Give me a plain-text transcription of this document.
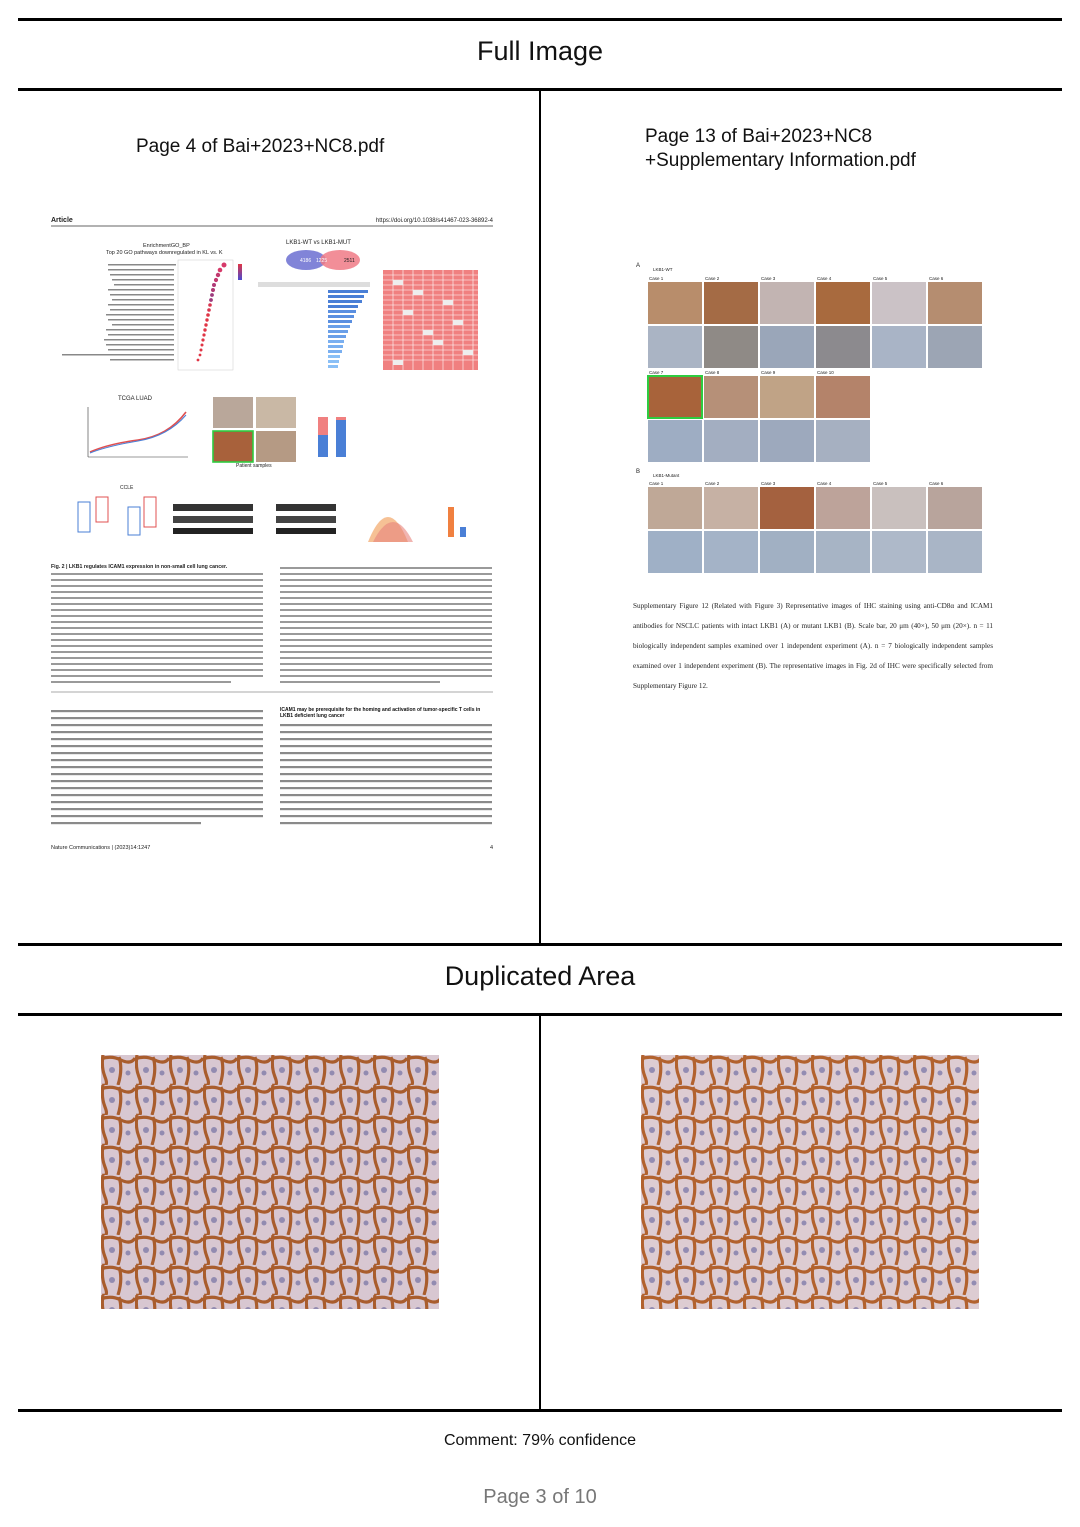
Full Image
Page 4 of Bai+2023+NC8.pdf
Article	https://doi.org/10.1038/s41467-023-36892-4
EnrichmentGO_BP
Top 20 GO pathways downregulated in KL vs. K
LKB1-WT vs LKB1-MUT
4186 1225	2511
TCGA LUAD
Patient samples
CCLE
Fig. 2 | LKB1 regulates ICAM1 expression in non-small cell lung cancer.
ICAM1 may be prerequisite for the homing and activation of tumor-specific T cells in LKB1 deficient lung cancer
Nature Communications | (2023)14:1247	4
Page 13 of Bai+2023+NC8
+Supplementary Information.pdf
A
LKB1-WT
Case 1	Case 2	Case 3	Case 4	Case 5	Case 6
Case 7	Case 8	Case 9	Case 10
B
LKB1-Mutant
Case 1	Case 2	Case 3	Case 4	Case 5	Case 6
Supplementary Figure 12 (Related with Figure 3) Representative images of IHC staining using anti-CD8α and ICAM1 antibodies for NSCLC patients with intact LKB1 (A) or mutant LKB1 (B). Scale bar, 20 μm (40×), 50 μm (20×). n = 11 biologically independent samples examined over 1 independent experiment (A). n = 7 biologically independent samples examined over 1 independent experiment (B). The representative images in Fig. 2d of IHC were specifically selected from Supplementary Figure 12.
Duplicated Area
Comment: 79% confidence
Page 3 of 10
